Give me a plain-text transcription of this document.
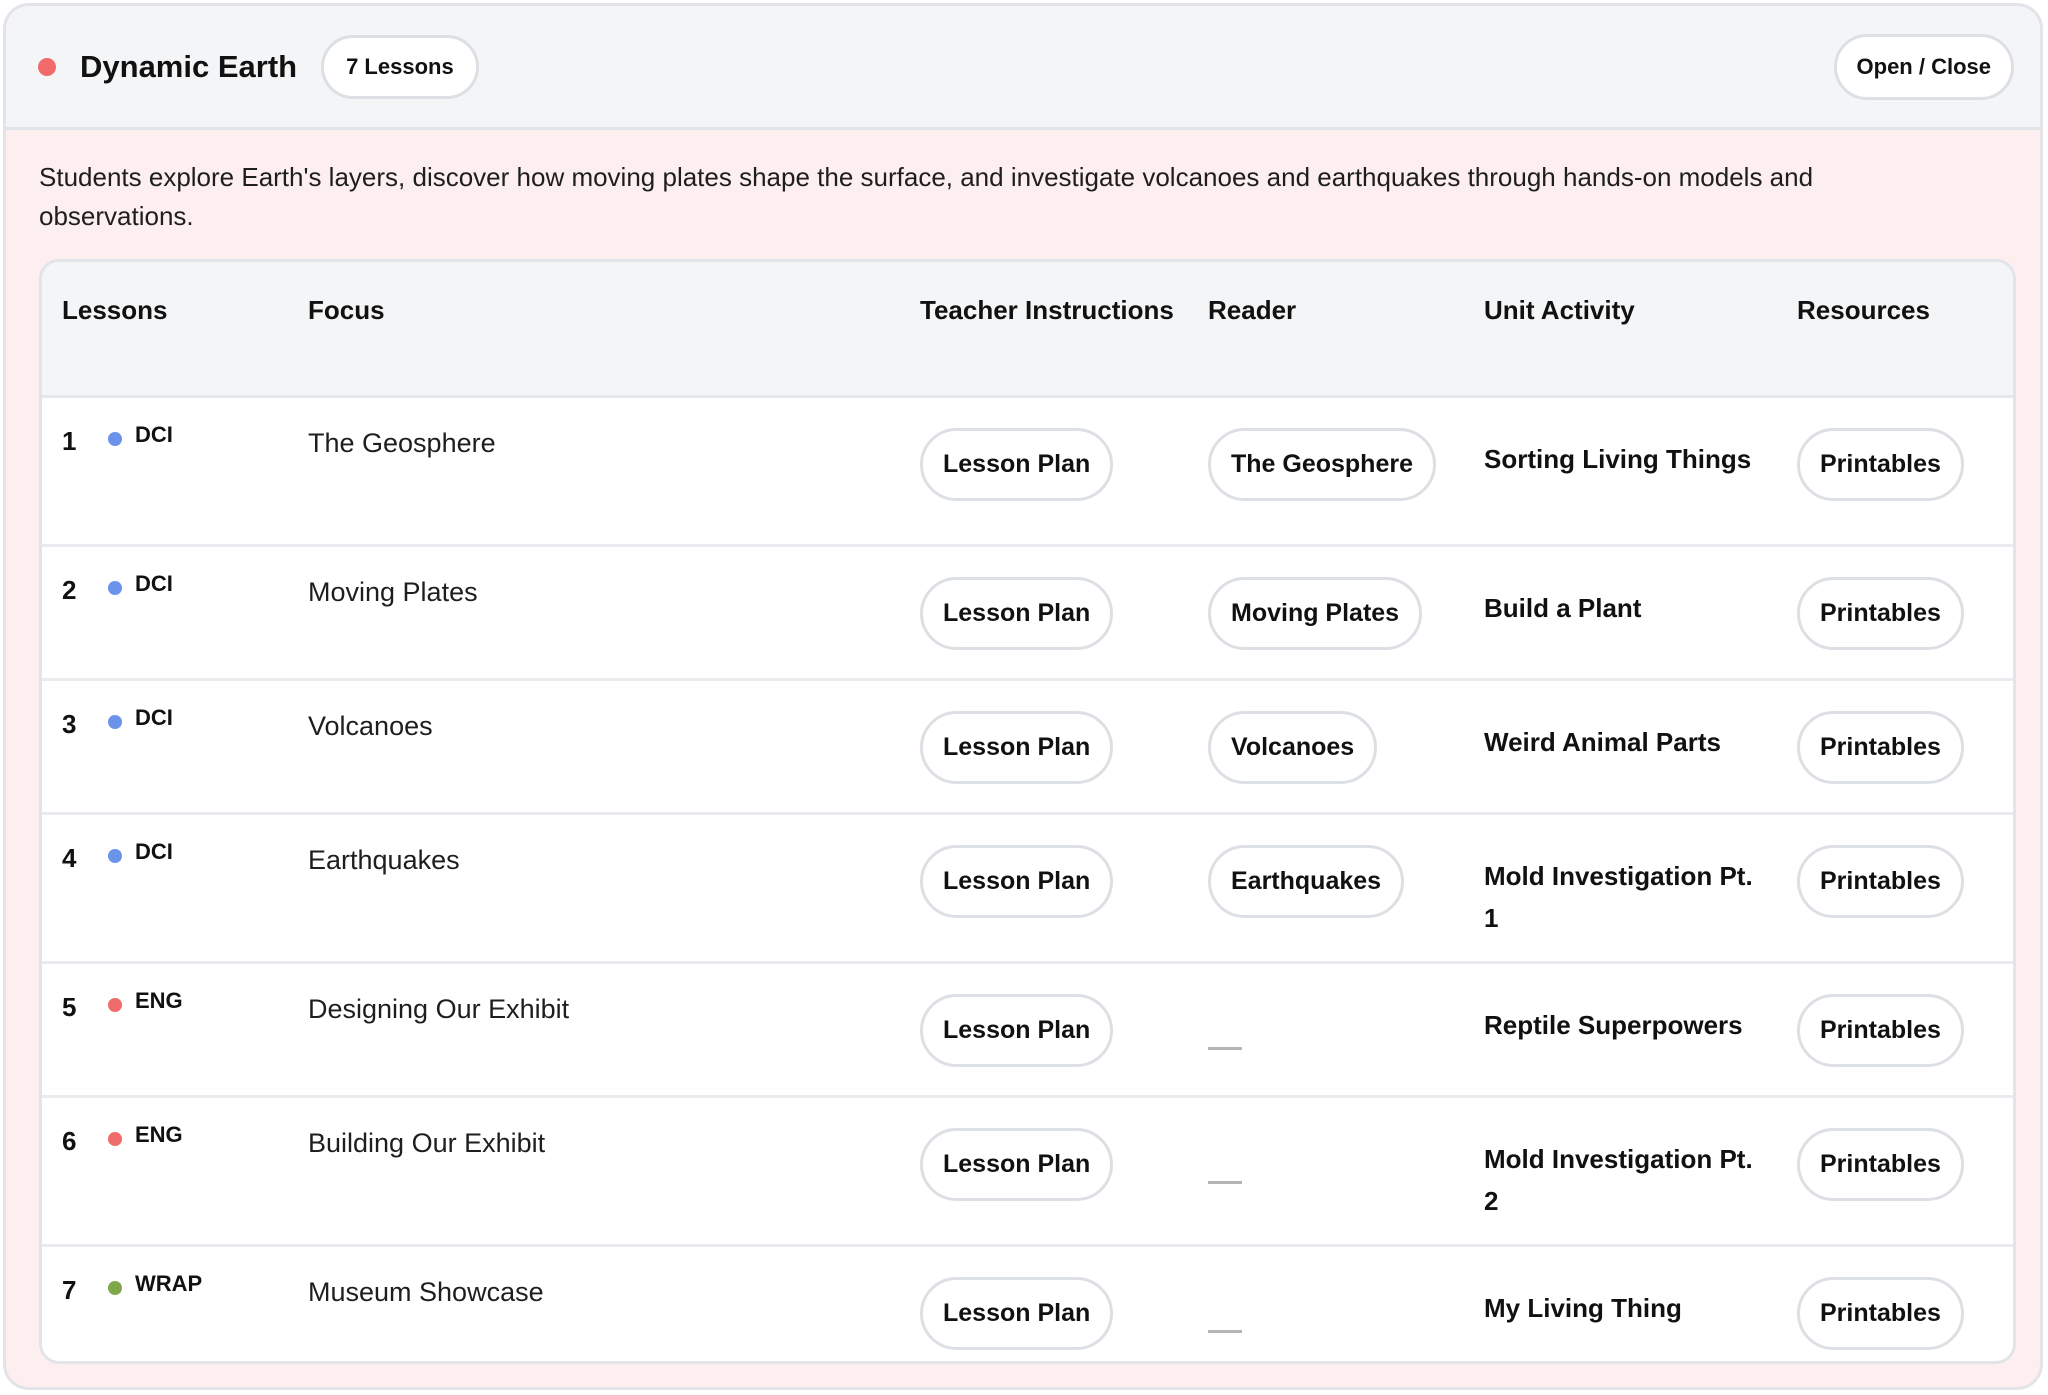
Dynamic Earth	7 Lessons	Open / Close
Students explore Earth's layers, discover how moving plates shape the surface, and investigate volcanoes and earthquakes through hands-on models and observations.
Lessons	Focus	Teacher Instructions	Reader	Unit Activity	Resources

1 DCI	The Geosphere	Lesson Plan	The Geosphere	Sorting Living Things	Printables

2 DCI	Moving Plates	Lesson Plan	Moving Plates	Build a Plant	Printables

3 DCI	Volcanoes	Lesson Plan	Volcanoes	Weird Animal Parts	Printables

4 DCI	Earthquakes	Lesson Plan	Earthquakes	Mold Investigation Pt. 1	Printables

5 ENG	Designing Our Exhibit	Lesson Plan		Reptile Superpowers	Printables

6 ENG	Building Our Exhibit	Lesson Plan		Mold Investigation Pt. 2	Printables

7 WRAP	Museum Showcase	Lesson Plan		My Living Thing	Printables
